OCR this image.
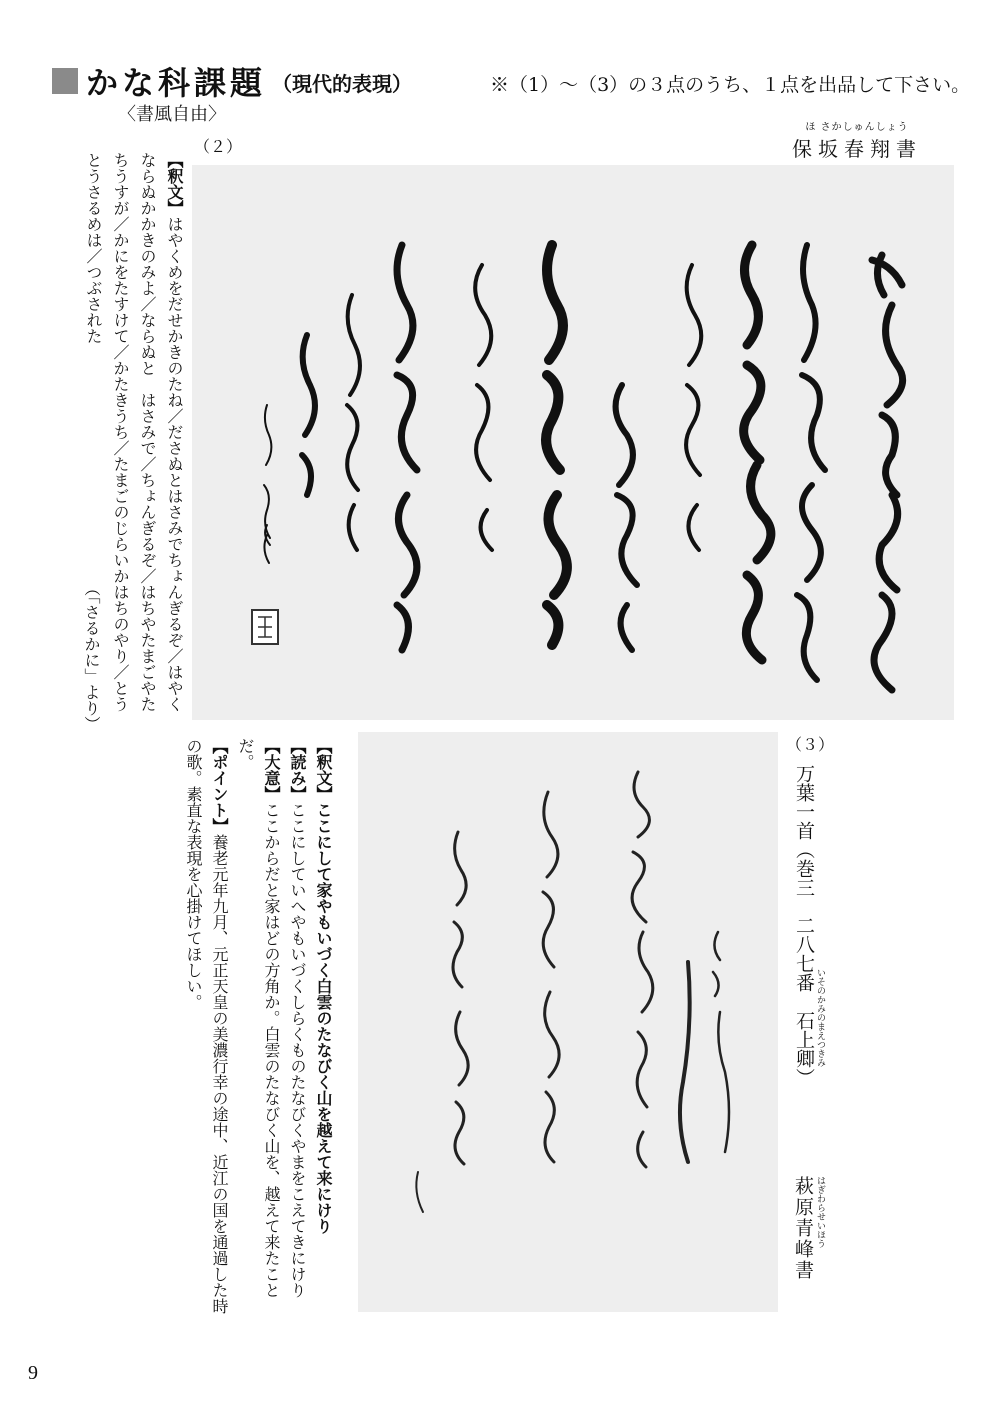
かな科課題 （現代的表現）	※（1）～（3）の３点のうち、１点を出品して下さい。
〈書風自由〉
（２）
ほ さかしゅんしょう
保坂春翔書
【釈文】はやくめをだせかきのたね／ださぬとはさみでちょんぎるぞ／はやくならぬかかきのみよ／ならぬと　はさみで／ちょんぎるぞ／はちやたまごやたちうすが／かにをたすけて／かたきうち／たまごのじらいかはちのやり／とうとうさるめは／つぶされた
（「さるかに」より）
（３）
万葉一首（巻三　二八七番　石上卿） いそのかみのまえつきみ
萩原青峰書 はぎわらせいほう
【釈文】ここにして家やもいづく白雲のたなびく山を越えて来にけり
【読み】ここにしていへやもいづくしらくものたなびくやまをこえてきにけり
【大意】ここからだと家はどの方角か。白雲のたなびく山を、越えて来たことだ。
【ポイント】養老元年九月、元正天皇の美濃行幸の途中、近江の国を通過した時の歌。素直な表現を心掛けてほしい。
9
